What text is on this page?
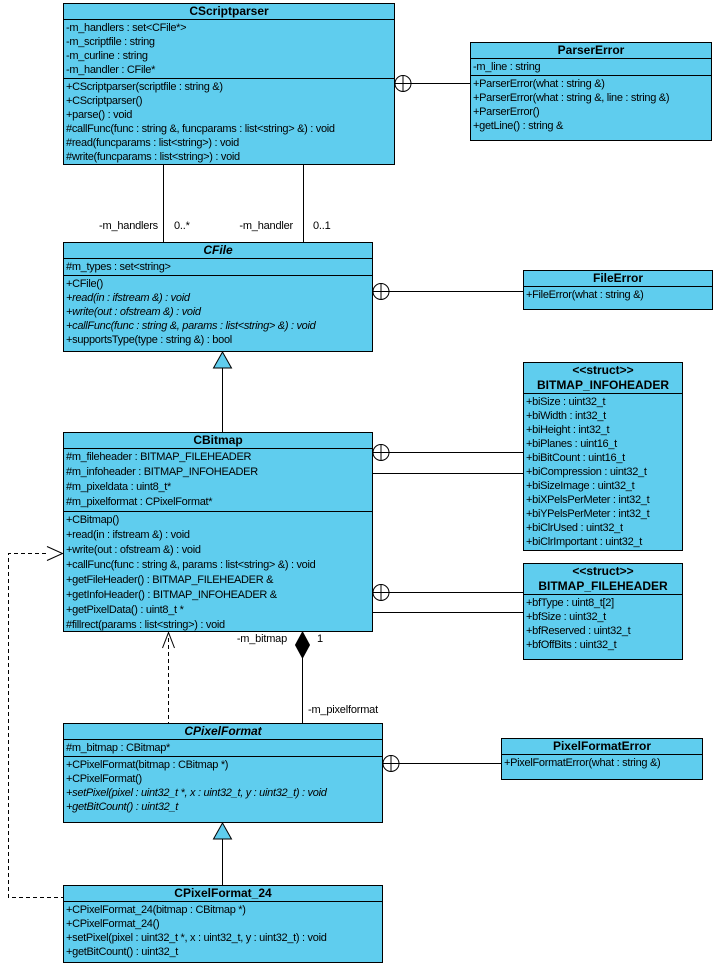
CScriptparser
-m_handlers : set<CFile*>
-m_scriptfile : string
-m_curline : string
-m_handler : CFile*
+CScriptparser(scriptfile : string &)
+CScriptparser()
+parse() : void
#callFunc(func : string &, funcparams : list<string> &) : void
#read(funcparams : list<string>) : void
#write(funcparams : list<string>) : void
ParserError
-m_line : string
+ParserError(what : string &)
+ParserError(what : string &, line : string &)
+ParserError()
+getLine() : string &
CFile
#m_types : set<string>
+CFile()
+read(in : ifstream &) : void
+write(out : ofstream &) : void
+callFunc(func : string &, params : list<string> &) : void
+supportsType(type : string &) : bool
FileError
+FileError(what : string &)
CBitmap
#m_fileheader : BITMAP_FILEHEADER
#m_infoheader : BITMAP_INFOHEADER
#m_pixeldata : uint8_t*
#m_pixelformat : CPixelFormat*
+CBitmap()
+read(in : ifstream &) : void
+write(out : ofstream &) : void
+callFunc(func : string &, params : list<string> &) : void
+getFileHeader() : BITMAP_FILEHEADER &
+getInfoHeader() : BITMAP_INFOHEADER &
+getPixelData() : uint8_t *
#fillrect(params : list<string>) : void
<<struct>>
BITMAP_INFOHEADER
+biSize : uint32_t
+biWidth : int32_t
+biHeight : int32_t
+biPlanes : uint16_t
+biBitCount : uint16_t
+biCompression : uint32_t
+biSizeImage : uint32_t
+biXPelsPerMeter : int32_t
+biYPelsPerMeter : int32_t
+biClrUsed : uint32_t
+biClrImportant : uint32_t
<<struct>>
BITMAP_FILEHEADER
+bfType : uint8_t[2]
+bfSize : uint32_t
+bfReserved : uint32_t
+bfOffBits : uint32_t
CPixelFormat
#m_bitmap : CBitmap*
+CPixelFormat(bitmap : CBitmap *)
+CPixelFormat()
+setPixel(pixel : uint32_t *, x : uint32_t, y : uint32_t) : void
+getBitCount() : uint32_t
PixelFormatError
+PixelFormatError(what : string &)
CPixelFormat_24
+CPixelFormat_24(bitmap : CBitmap *)
+CPixelFormat_24()
+setPixel(pixel : uint32_t *, x : uint32_t, y : uint32_t) : void
+getBitCount() : uint32_t
-m_handlers 0..*	-m_handler 0..1
-m_bitmap	1
-m_pixelformat
